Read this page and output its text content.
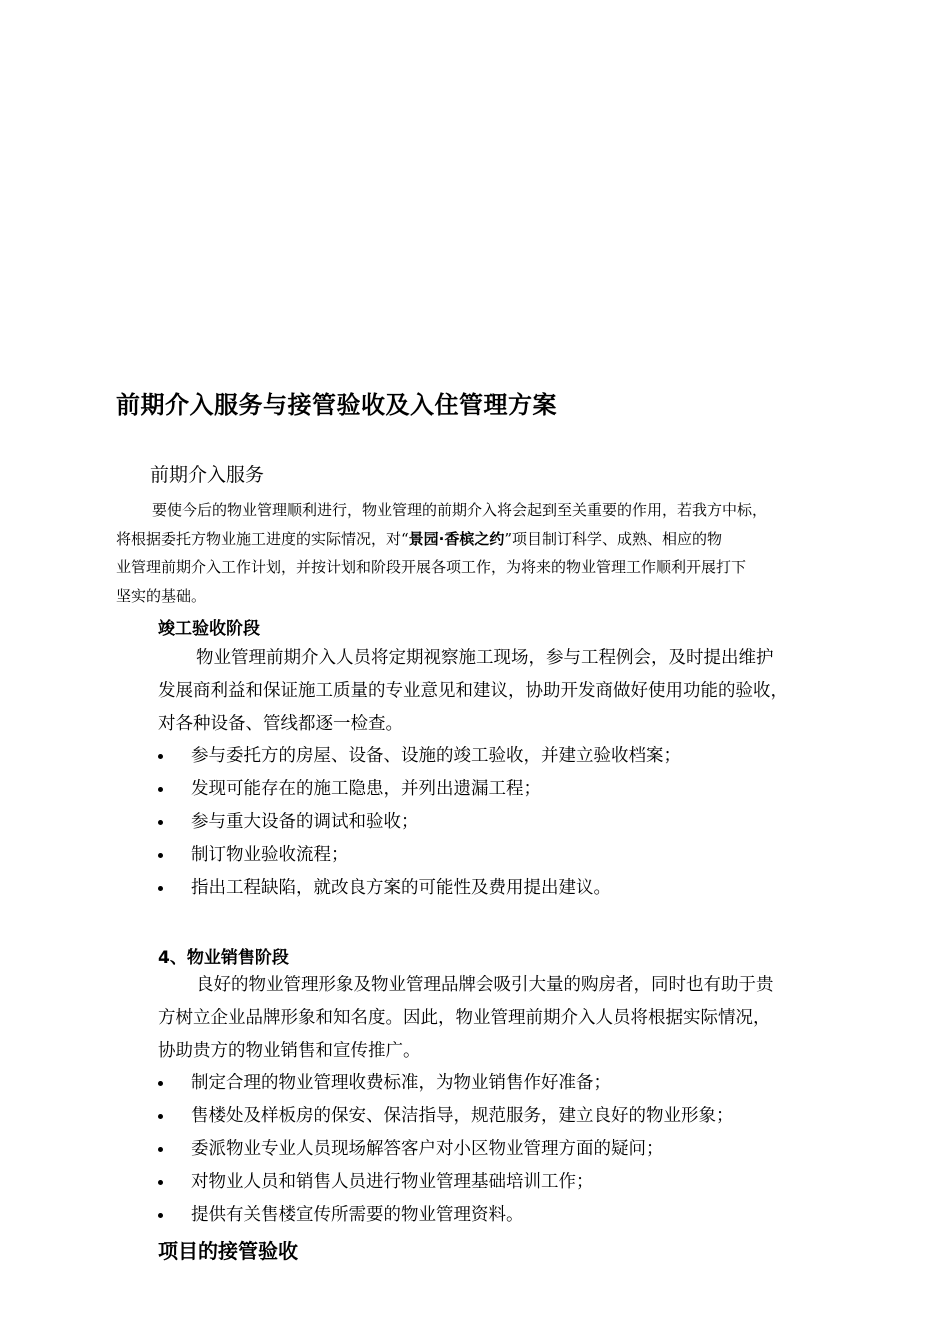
前期介入服务与接管验收及入住管理方案
前期介入服务

要使今后的物业管理顺利进行，物业管理的前期介入将会起到至关重要的作用，若我方中标，

将根据委托方物业施工进度的实际情况，对“景园·香槟之约”项目制订科学、成熟、相应的物

业管理前期介入工作计划，并按计划和阶段开展各项工作，为将来的物业管理工作顺利开展打下

坚实的基础。

竣工验收阶段

物业管理前期介入人员将定期视察施工现场，参与工程例会，及时提出维护

发展商利益和保证施工质量的专业意见和建议，协助开发商做好使用功能的验收，

对各种设备、管线都逐一检查。

参与委托方的房屋、设备、设施的竣工验收，并建立验收档案；
发现可能存在的施工隐患，并列出遗漏工程；
参与重大设备的调试和验收；
制订物业验收流程；
指出工程缺陷，就改良方案的可能性及费用提出建议。
4、物业销售阶段

良好的物业管理形象及物业管理品牌会吸引大量的购房者，同时也有助于贵

方树立企业品牌形象和知名度。因此，物业管理前期介入人员将根据实际情况，

协助贵方的物业销售和宣传推广。

制定合理的物业管理收费标准，为物业销售作好准备；
售楼处及样板房的保安、保洁指导，规范服务，建立良好的物业形象；
委派物业专业人员现场解答客户对小区物业管理方面的疑问；
对物业人员和销售人员进行物业管理基础培训工作；
提供有关售楼宣传所需要的物业管理资料。
项目的接管验收
